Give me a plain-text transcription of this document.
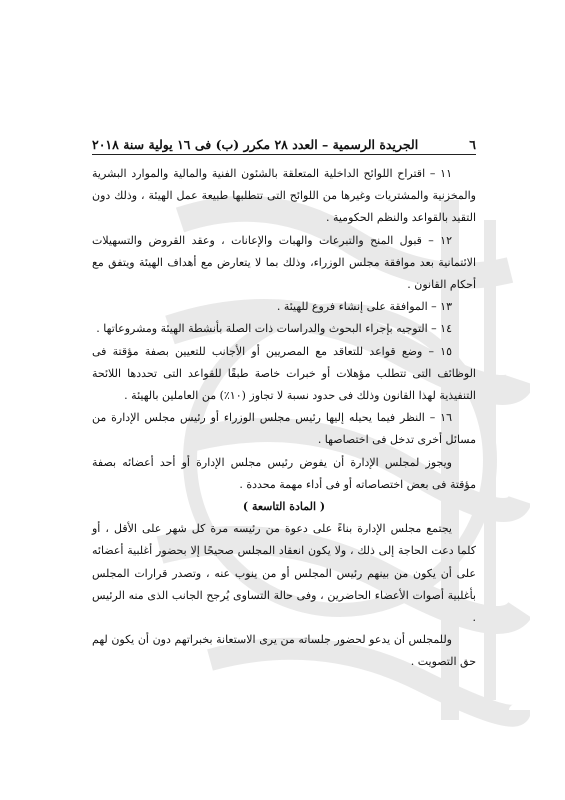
٦
الجريدة الرسمية – العدد ٢٨ مكرر (ب) فى ١٦ يولية سنة ٢٠١٨

١١ – اقتراح اللوائح الداخلية المتعلقة بالشئون الفنية والمالية والموارد البشرية والمخزنية والمشتريات وغيرها من اللوائح التى تتطلبها طبيعة عمل الهيئة ، وذلك دون التقيد بالقواعد والنظم الحكومية .

١٢ – قبول المنح والتبرعات والهبات والإعانات ، وعقد القروض والتسهيلات الائتمانية بعد موافقة مجلس الوزراء، وذلك بما لا يتعارض مع أهداف الهيئة ويتفق مع أحكام القانون .

١٣ – الموافقة على إنشاء فروع للهيئة .

١٤ – التوجيه بإجراء البحوث والدراسات ذات الصلة بأنشطة الهيئة ومشروعاتها .

١٥ – وضع قواعد للتعاقد مع المصريين أو الأجانب للتعيين بصفة مؤقتة فى الوظائف التى تتطلب مؤهلات أو خبرات خاصة طبقًا للقواعد التى تحددها اللائحة التنفيذية لهذا القانون وذلك فى حدود نسبة لا تجاوز (١٠٪) من العاملين بالهيئة .

١٦ – النظر فيما يحيله إليها رئيس مجلس الوزراء أو رئيس مجلس الإدارة من مسائل أخرى تدخل فى اختصاصها .

ويجوز لمجلس الإدارة أن يفوض رئيس مجلس الإدارة أو أحد أعضائه بصفة مؤقتة فى بعض اختصاصاته أو فى أداء مهمة محددة .

( المادة التاسعة )

يجتمع مجلس الإدارة بناءً على دعوة من رئيسه مرة كل شهر على الأقل ، أو كلما دعت الحاجة إلى ذلك ، ولا يكون انعقاد المجلس صحيحًا إلا بحضور أغلبية أعضائه على أن يكون من بينهم رئيس المجلس أو من ينوب عنه ، وتصدر قرارات المجلس بأغلبية أصوات الأعضاء الحاضرين ، وفى حالة التساوى يُرجح الجانب الذى منه الرئيس .

وللمجلس أن يدعو لحضور جلساته من يرى الاستعانة بخبراتهم دون أن يكون لهم حق التصويت .
